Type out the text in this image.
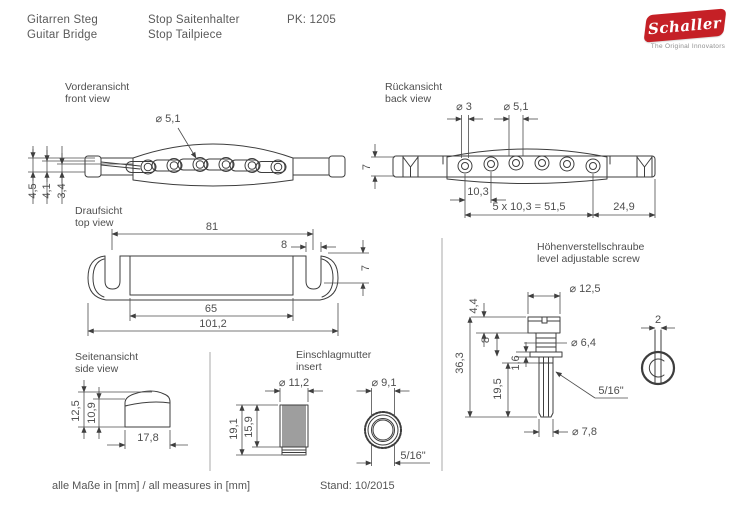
Gitarren Steg
Guitar Bridge
Stop Saitenhalter
Stop Tailpiece
PK: 1205	Schaller
The Original Innovators
Vorderansicht
front view
⌀ 5,1
4,5 4,1 3,4
Rückansicht
back view
⌀ 3	⌀ 5,1
7
10,3
5 x 10,3 = 51,5	24,9
Draufsicht
top view	81
8
7
65
101,2
Seitenansicht
side view
12,5 10,9
17,8
Einschlagmutter
insert
⌀ 11,2
19,1 15,9
⌀ 9,1
5/16"
Höhenverstellschraube
level adjustable screw
⌀ 12,5
4,4
8
36,3	1,6
19,5
⌀ 6,4
5/16"
⌀ 7,8
2
alle Maße in [mm] / all measures in [mm]	Stand: 10/2015
